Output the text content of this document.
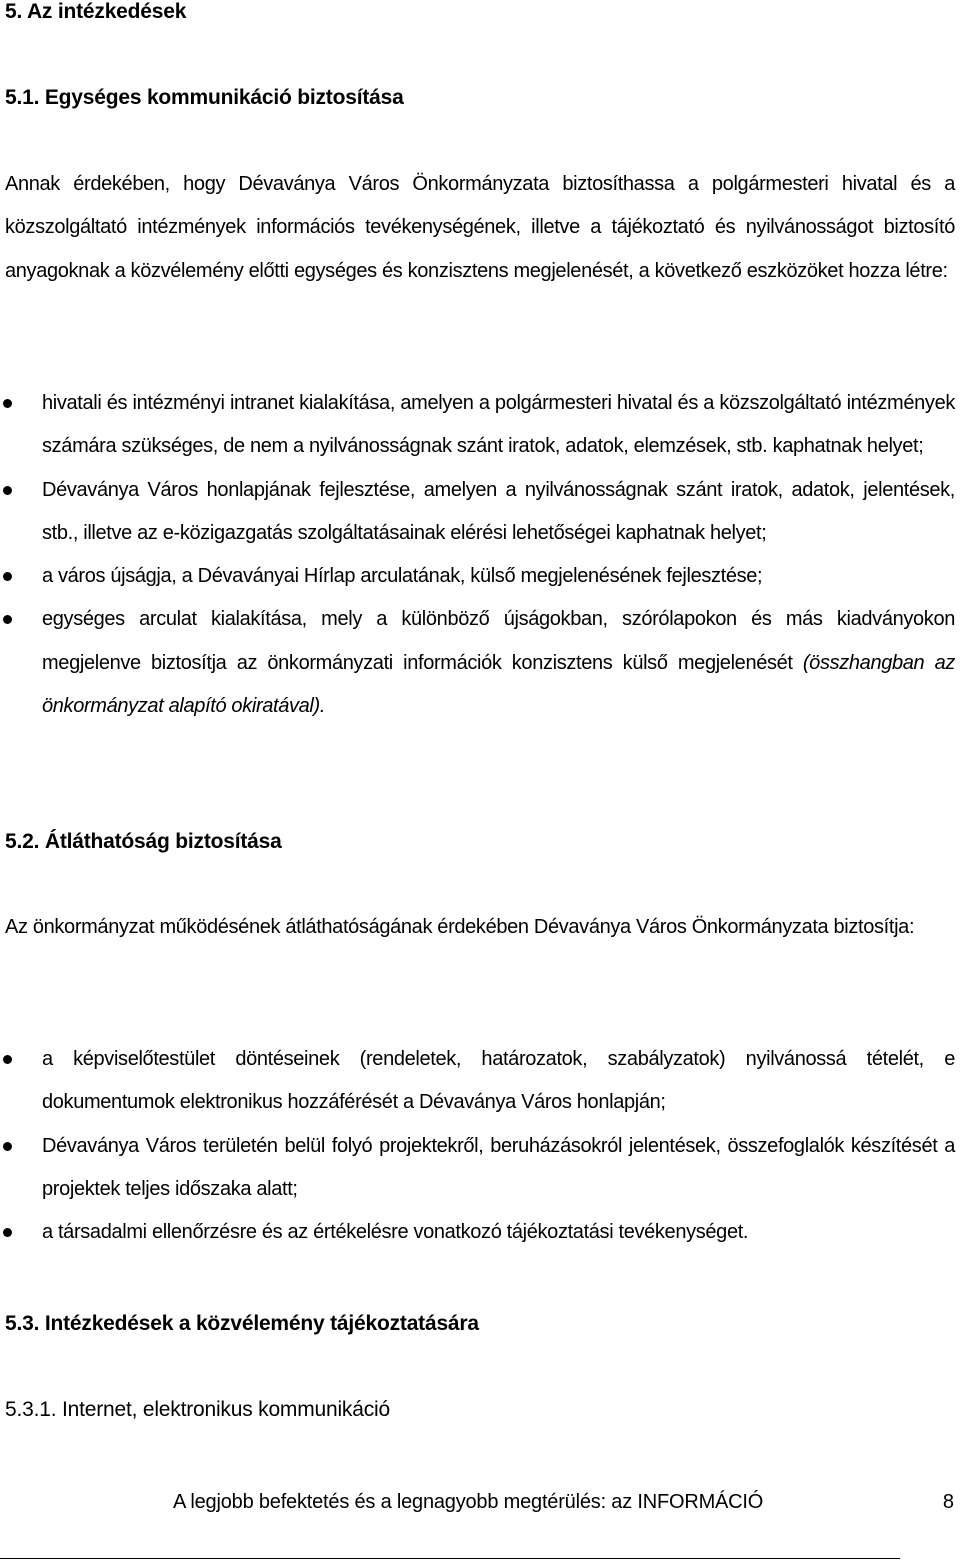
5. Az intézkedések
5.1. Egységes kommunikáció biztosítása

Annak érdekében, hogy Dévaványa Város Önkormányzata biztosíthassa a polgármesteri hivatal és a közszolgáltató intézmények információs tevékenységének, illetve a tájékoztató és nyilvánosságot biztosító anyagoknak a közvélemény előtti egységes és konzisztens megjelenését, a következő eszközöket hozza létre:

hivatali és intézményi intranet kialakítása, amelyen a polgármesteri hivatal és a közszolgáltató intézmények számára szükséges, de nem a nyilvánosságnak szánt iratok, adatok, elemzések, stb. kaphatnak helyet;
Dévaványa Város honlapjának fejlesztése, amelyen a nyilvánosságnak szánt iratok, adatok, jelentések, stb., illetve az e-közigazgatás szolgáltatásainak elérési lehetőségei kaphatnak helyet;
a város újságja, a Dévaványai Hírlap arculatának, külső megjelenésének fejlesztése;
egységes arculat kialakítása, mely a különböző újságokban, szórólapokon és más kiadványokon megjelenve biztosítja az önkormányzati információk konzisztens külső megjelenését (összhangban az önkormányzat alapító okiratával).
5.2. Átláthatóság biztosítása

Az önkormányzat működésének átláthatóságának érdekében Dévaványa Város Önkormányzata biztosítja:

a képviselőtestület döntéseinek (rendeletek, határozatok, szabályzatok) nyilvánossá tételét, e dokumentumok elektronikus hozzáférését a Dévaványa Város honlapján;
Dévaványa Város területén belül folyó projektekről, beruházásokról jelentések, összefoglalók készítését a projektek teljes időszaka alatt;
a társadalmi ellenőrzésre és az értékelésre vonatkozó tájékoztatási tevékenységet.
5.3. Intézkedések a közvélemény tájékoztatására
5.3.1. Internet, elektronikus kommunikáció
A legjobb befektetés és a legnagyobb megtérülés: az INFORMÁCIÓ	8
